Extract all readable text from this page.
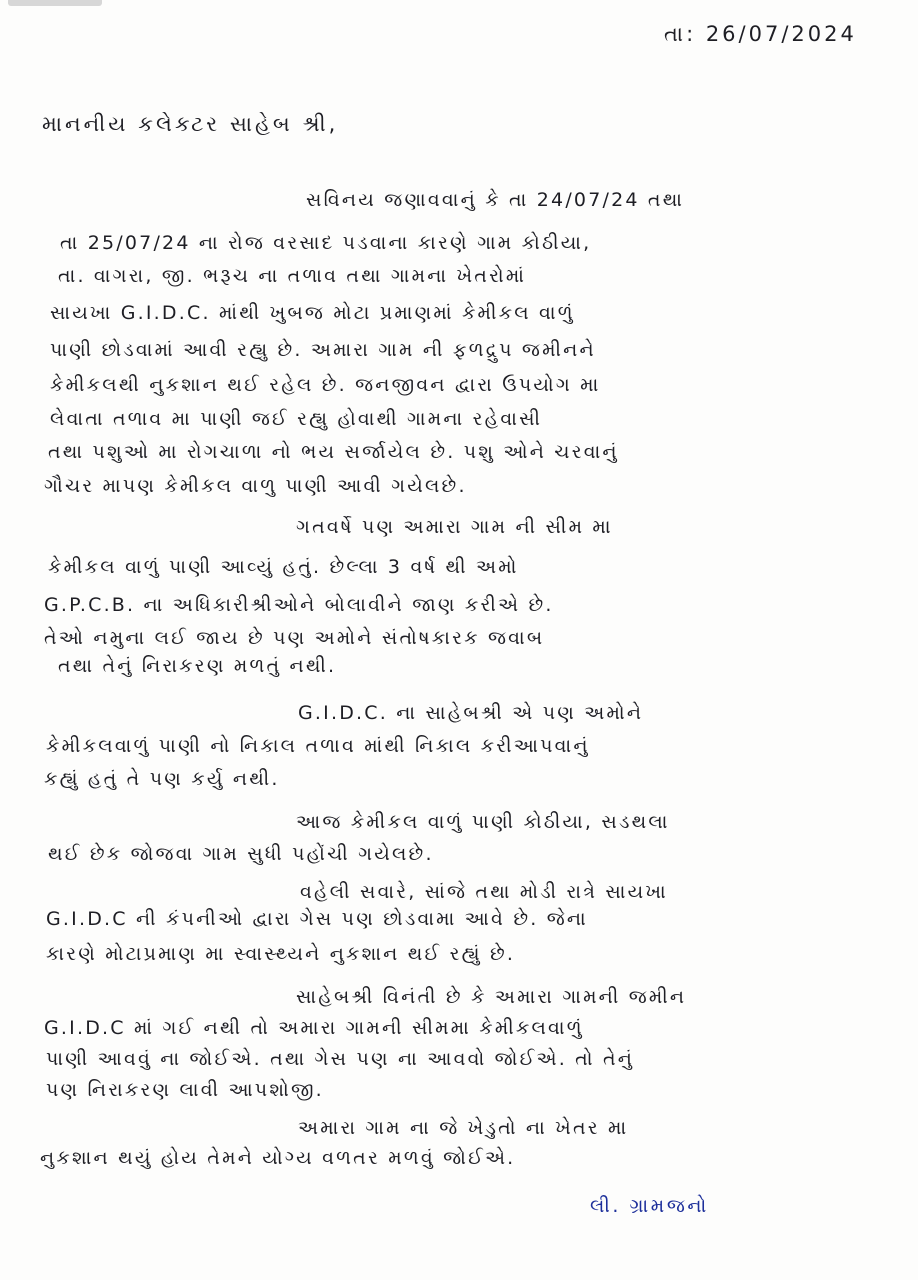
તા: 26/07/2024
માનનીય કલેક્ટર સાહેબ શ્રી,
સવિનય જણાવવાનું કે તા 24/07/24 તથા
તા 25/07/24 ના રોજ વરસાદ પડવાના કારણે ગામ કોઠીયા,
તા. વાગરા, જી. ભરૂચ ના તળાવ તથા ગામના ખેતરોમાં
સાયખા G.I.D.C. માંથી ખુબજ મોટા પ્રમાણમાં કેમીકલ વાળું
પાણી છોડવામાં આવી રહ્યુ છે. અમારા ગામ ની ફળદ્રુપ જમીનને
કેમીકલથી નુકશાન થઈ રહેલ છે. જનજીવન દ્વારા ઉપયોગ મા
લેવાતા તળાવ મા પાણી જઈ રહ્યુ હોવાથી ગામના રહેવાસી
તથા પશુઓ મા રોગચાળા નો ભય સર્જાયેલ છે. પશુ ઓને ચરવાનું
ગૌચર માપણ કેમીકલ વાળુ પાણી આવી ગયેલછે.
ગતવર્ષે પણ અમારા ગામ ની સીમ મા
કેમીકલ વાળું પાણી આવ્યું હતું. છેલ્લા 3 વર્ષ થી અમો
G.P.C.B. ના અધિકારીશ્રીઓને બોલાવીને જાણ કરીએ છે.
તેઓ નમુના લઈ જાય છે પણ અમોને સંતોષકારક જવાબ
તથા તેનું નિરાકરણ મળતું નથી.
G.I.D.C. ના સાહેબશ્રી એ પણ અમોને
કેમીકલવાળું પાણી નો નિકાલ તળાવ માંથી નિકાલ કરીઆપવાનું
કહ્યું હતું તે પણ કર્યુ નથી.
આજ કેમીકલ વાળું પાણી કોઠીયા, સડથલા
થઈ છેક જોજવા ગામ સુધી પહોંચી ગયેલછે.
વહેલી સવારે, સાંજે તથા મોડી રાત્રે સાયખા
G.I.D.C ની કંપનીઓ દ્વારા ગેસ પણ છોડવામા આવે છે. જેના
કારણે મોટાપ્રમાણ મા સ્વાસ્થ્યને નુકશાન થઈ રહ્યું છે.
સાહેબશ્રી વિનંતી છે કે અમારા ગામની જમીન
G.I.D.C માં ગઈ નથી તો અમારા ગામની સીમમા કેમીકલવાળું
પાણી આવવું ના જોઈએ. તથા ગેસ પણ ના આવવો જોઈએ. તો તેનું
પણ નિરાકરણ લાવી આપશોજી.
અમારા ગામ ના જે ખેડુતો ના ખેતર મા
નુકશાન થયું હોય તેમને યોગ્ય વળતર મળવું જોઈએ.
લી. ગ્રામજનો
